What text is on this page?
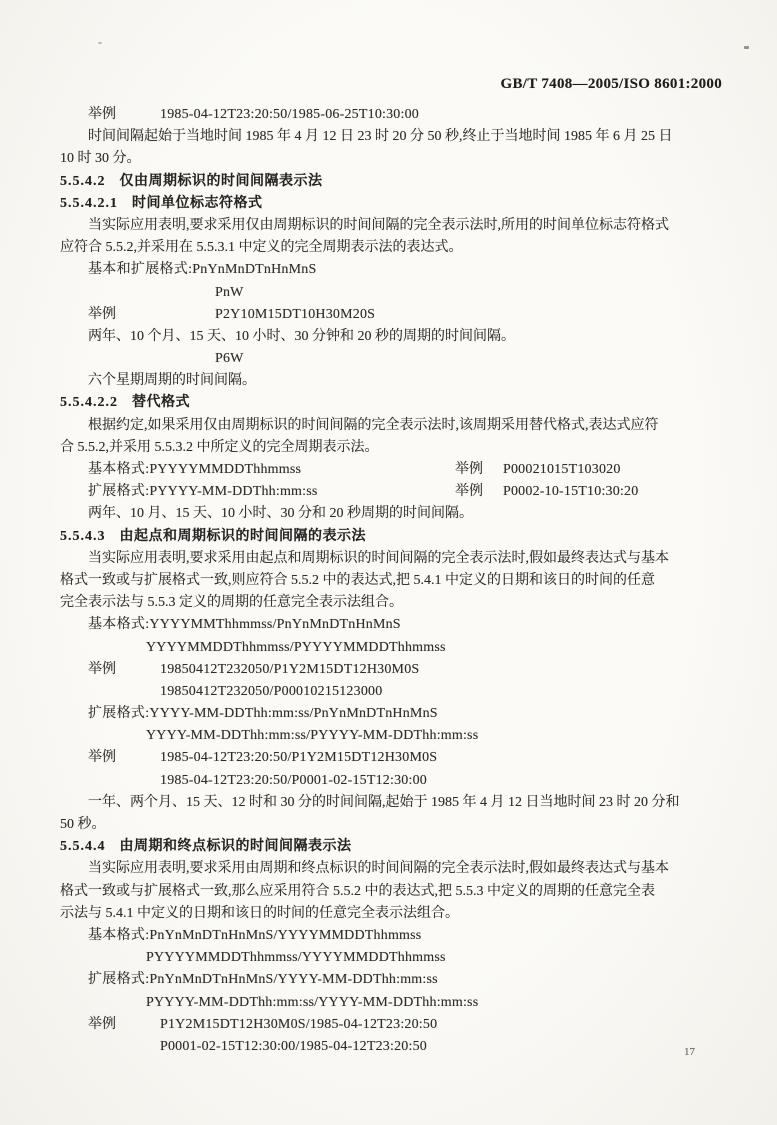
GB/T 7408—2005/ISO 8601:2000
举例	1985-04-12T23:20:50/1985-06-25T10:30:00
时间间隔起始于当地时间 1985 年 4 月 12 日 23 时 20 分 50 秒,终止于当地时间 1985 年 6 月 25 日
10 时 30 分。
5.5.4.2 仅由周期标识的时间间隔表示法
5.5.4.2.1 时间单位标志符格式
当实际应用表明,要求采用仅由周期标识的时间间隔的完全表示法时,所用的时间单位标志符格式
应符合 5.5.2,并采用在 5.5.3.1 中定义的完全周期表示法的表达式。
基本和扩展格式:PnYnMnDTnHnMnS
PnW
举例	P2Y10M15DT10H30M20S
两年、10 个月、15 天、10 小时、30 分钟和 20 秒的周期的时间间隔。
P6W
六个星期周期的时间间隔。
5.5.4.2.2 替代格式
根据约定,如果采用仅由周期标识的时间间隔的完全表示法时,该周期采用替代格式,表达式应符
合 5.5.2,并采用 5.5.3.2 中所定义的完全周期表示法。
基本格式:PYYYYMMDDThhmmss	举例 P00021015T103020
扩展格式:PYYYY-MM-DDThh:mm:ss	举例 P0002-10-15T10:30:20
两年、10 月、15 天、10 小时、30 分和 20 秒周期的时间间隔。
5.5.4.3 由起点和周期标识的时间间隔的表示法
当实际应用表明,要求采用由起点和周期标识的时间间隔的完全表示法时,假如最终表达式与基本
格式一致或与扩展格式一致,则应符合 5.5.2 中的表达式,把 5.4.1 中定义的日期和该日的时间的任意
完全表示法与 5.5.3 定义的周期的任意完全表示法组合。
基本格式:YYYYMMThhmmss/PnYnMnDTnHnMnS
YYYYMMDDThhmmss/PYYYYMMDDThhmmss
举例	19850412T232050/P1Y2M15DT12H30M0S
19850412T232050/P00010215123000
扩展格式:YYYY-MM-DDThh:mm:ss/PnYnMnDTnHnMnS
YYYY-MM-DDThh:mm:ss/PYYYY-MM-DDThh:mm:ss
举例	1985-04-12T23:20:50/P1Y2M15DT12H30M0S
1985-04-12T23:20:50/P0001-02-15T12:30:00
一年、两个月、15 天、12 时和 30 分的时间间隔,起始于 1985 年 4 月 12 日当地时间 23 时 20 分和
50 秒。
5.5.4.4 由周期和终点标识的时间间隔表示法
当实际应用表明,要求采用由周期和终点标识的时间间隔的完全表示法时,假如最终表达式与基本
格式一致或与扩展格式一致,那么应采用符合 5.5.2 中的表达式,把 5.5.3 中定义的周期的任意完全表
示法与 5.4.1 中定义的日期和该日的时间的任意完全表示法组合。
基本格式:PnYnMnDTnHnMnS/YYYYMMDDThhmmss
PYYYYMMDDThhmmss/YYYYMMDDThhmmss
扩展格式:PnYnMnDTnHnMnS/YYYY-MM-DDThh:mm:ss
PYYYY-MM-DDThh:mm:ss/YYYY-MM-DDThh:mm:ss
举例	P1Y2M15DT12H30M0S/1985-04-12T23:20:50
P0001-02-15T12:30:00/1985-04-12T23:20:50	17
